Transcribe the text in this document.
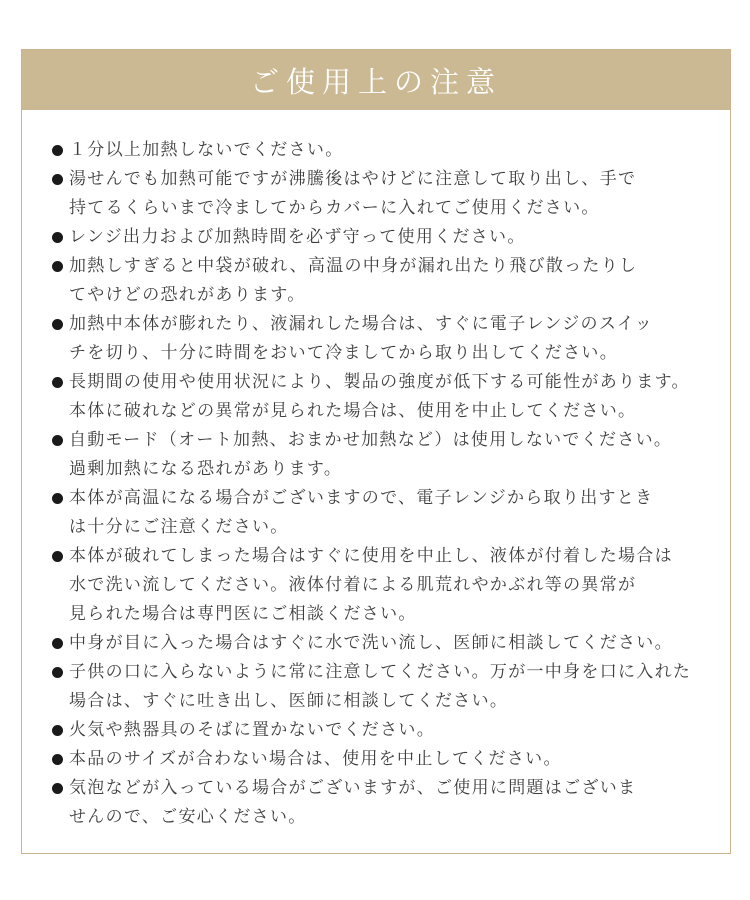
ご使用上の注意
１分以上加熱しないでください。
湯せんでも加熱可能ですが沸騰後はやけどに注意して取り出し、手で
持てるくらいまで冷ましてからカバーに入れてご使用ください。
レンジ出力および加熱時間を必ず守って使用ください。
加熱しすぎると中袋が破れ、高温の中身が漏れ出たり飛び散ったりし
てやけどの恐れがあります。
加熱中本体が膨れたり、液漏れした場合は、すぐに電子レンジのスイッ
チを切り、十分に時間をおいて冷ましてから取り出してください。
長期間の使用や使用状況により、製品の強度が低下する可能性があります。
本体に破れなどの異常が見られた場合は、使用を中止してください。
自動モード（オート加熱、おまかせ加熱など）は使用しないでください。
過剰加熱になる恐れがあります。
本体が高温になる場合がございますので、電子レンジから取り出すとき
は十分にご注意ください。
本体が破れてしまった場合はすぐに使用を中止し、液体が付着した場合は
水で洗い流してください。液体付着による肌荒れやかぶれ等の異常が
見られた場合は専門医にご相談ください。
中身が目に入った場合はすぐに水で洗い流し、医師に相談してください。
子供の口に入らないように常に注意してください。万が一中身を口に入れた
場合は、すぐに吐き出し、医師に相談してください。
火気や熱器具のそばに置かないでください。
本品のサイズが合わない場合は、使用を中止してください。
気泡などが入っている場合がございますが、ご使用に問題はございま
せんので、ご安心ください。
